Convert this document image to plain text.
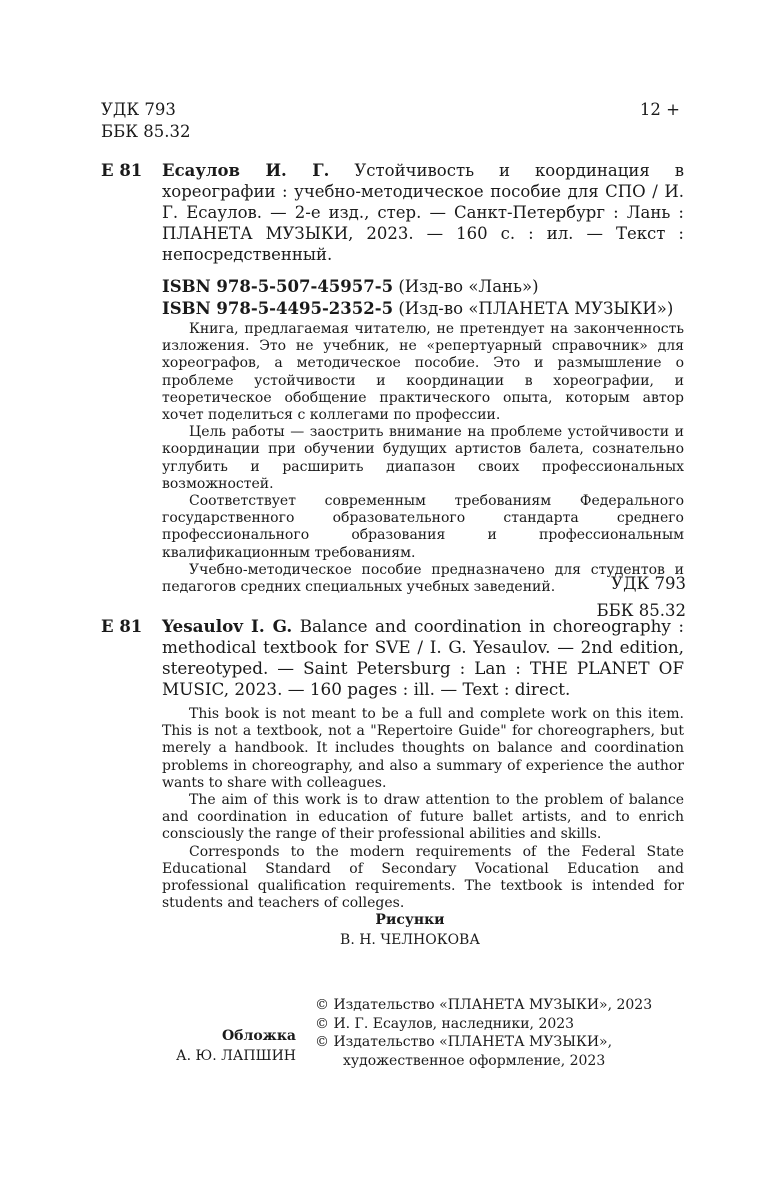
УДК 793
ББК 85.32
12 +
Е 81 Есаулов И. Г. Устойчивость и координация в хореографии : учебно-методическое пособие для СПО / И. Г. Есаулов. — 2-е изд., стер. — Санкт-Петербург : Лань : ПЛАНЕТА МУЗЫКИ, 2023. — 160 с. : ил. — Текст : непосредственный.
ISBN 978-5-507-45957-5 (Изд-во «Лань»)
ISBN 978-5-4495-2352-5 (Изд-во «ПЛАНЕТА МУЗЫКИ»)

Книга, предлагаемая читателю, не претендует на законченность изложения. Это не учебник, не «репертуарный справочник» для хореографов, а методическое пособие. Это и размышление о проблеме устойчивости и координации в хореографии, и теоретическое обобщение практического опыта, которым автор хочет поделиться с коллегами по профессии.

Цель работы — заострить внимание на проблеме устойчивости и координации при обучении будущих артистов балета, сознательно углубить и расширить диапазон своих профессиональных возможностей.

Соответствует современным требованиям Федерального государственного образовательного стандарта среднего профессионального образования и профессиональным квалификационным требованиям.

Учебно-методическое пособие предназначено для студентов и педагогов средних специальных учебных заведений.	УДК 793
ББК 85.32
Е 81 Yesaulov I. G. Balance and coordination in choreography : methodical textbook for SVE / I. G. Yesaulov. — 2nd edition, stereotyped. — Saint Petersburg : Lan : THE PLANET OF MUSIC, 2023. — 160 pages : ill. — Text : direct.

This book is not meant to be a full and complete work on this item. This is not a textbook, not a "Repertoire Guide" for choreographers, but merely a handbook. It includes thoughts on balance and coordination problems in choreography, and also a summary of experience the author wants to share with colleagues.

The aim of this work is to draw attention to the problem of balance and coordination in education of future ballet artists, and to enrich consciously the range of their professional abilities and skills.

Corresponds to the modern requirements of the Federal State Educational Standard of Secondary Vocational Education and professional qualification requirements. The textbook is intended for students and teachers of colleges.

Рисунки
В. Н. ЧЕЛНОКОВА
Обложка
А. Ю. ЛАПШИН
© Издательство «ПЛАНЕТА МУЗЫКИ», 2023
© И. Г. Есаулов, наследники, 2023
© Издательство «ПЛАНЕТА МУЗЫКИ»,
художественное оформление, 2023
